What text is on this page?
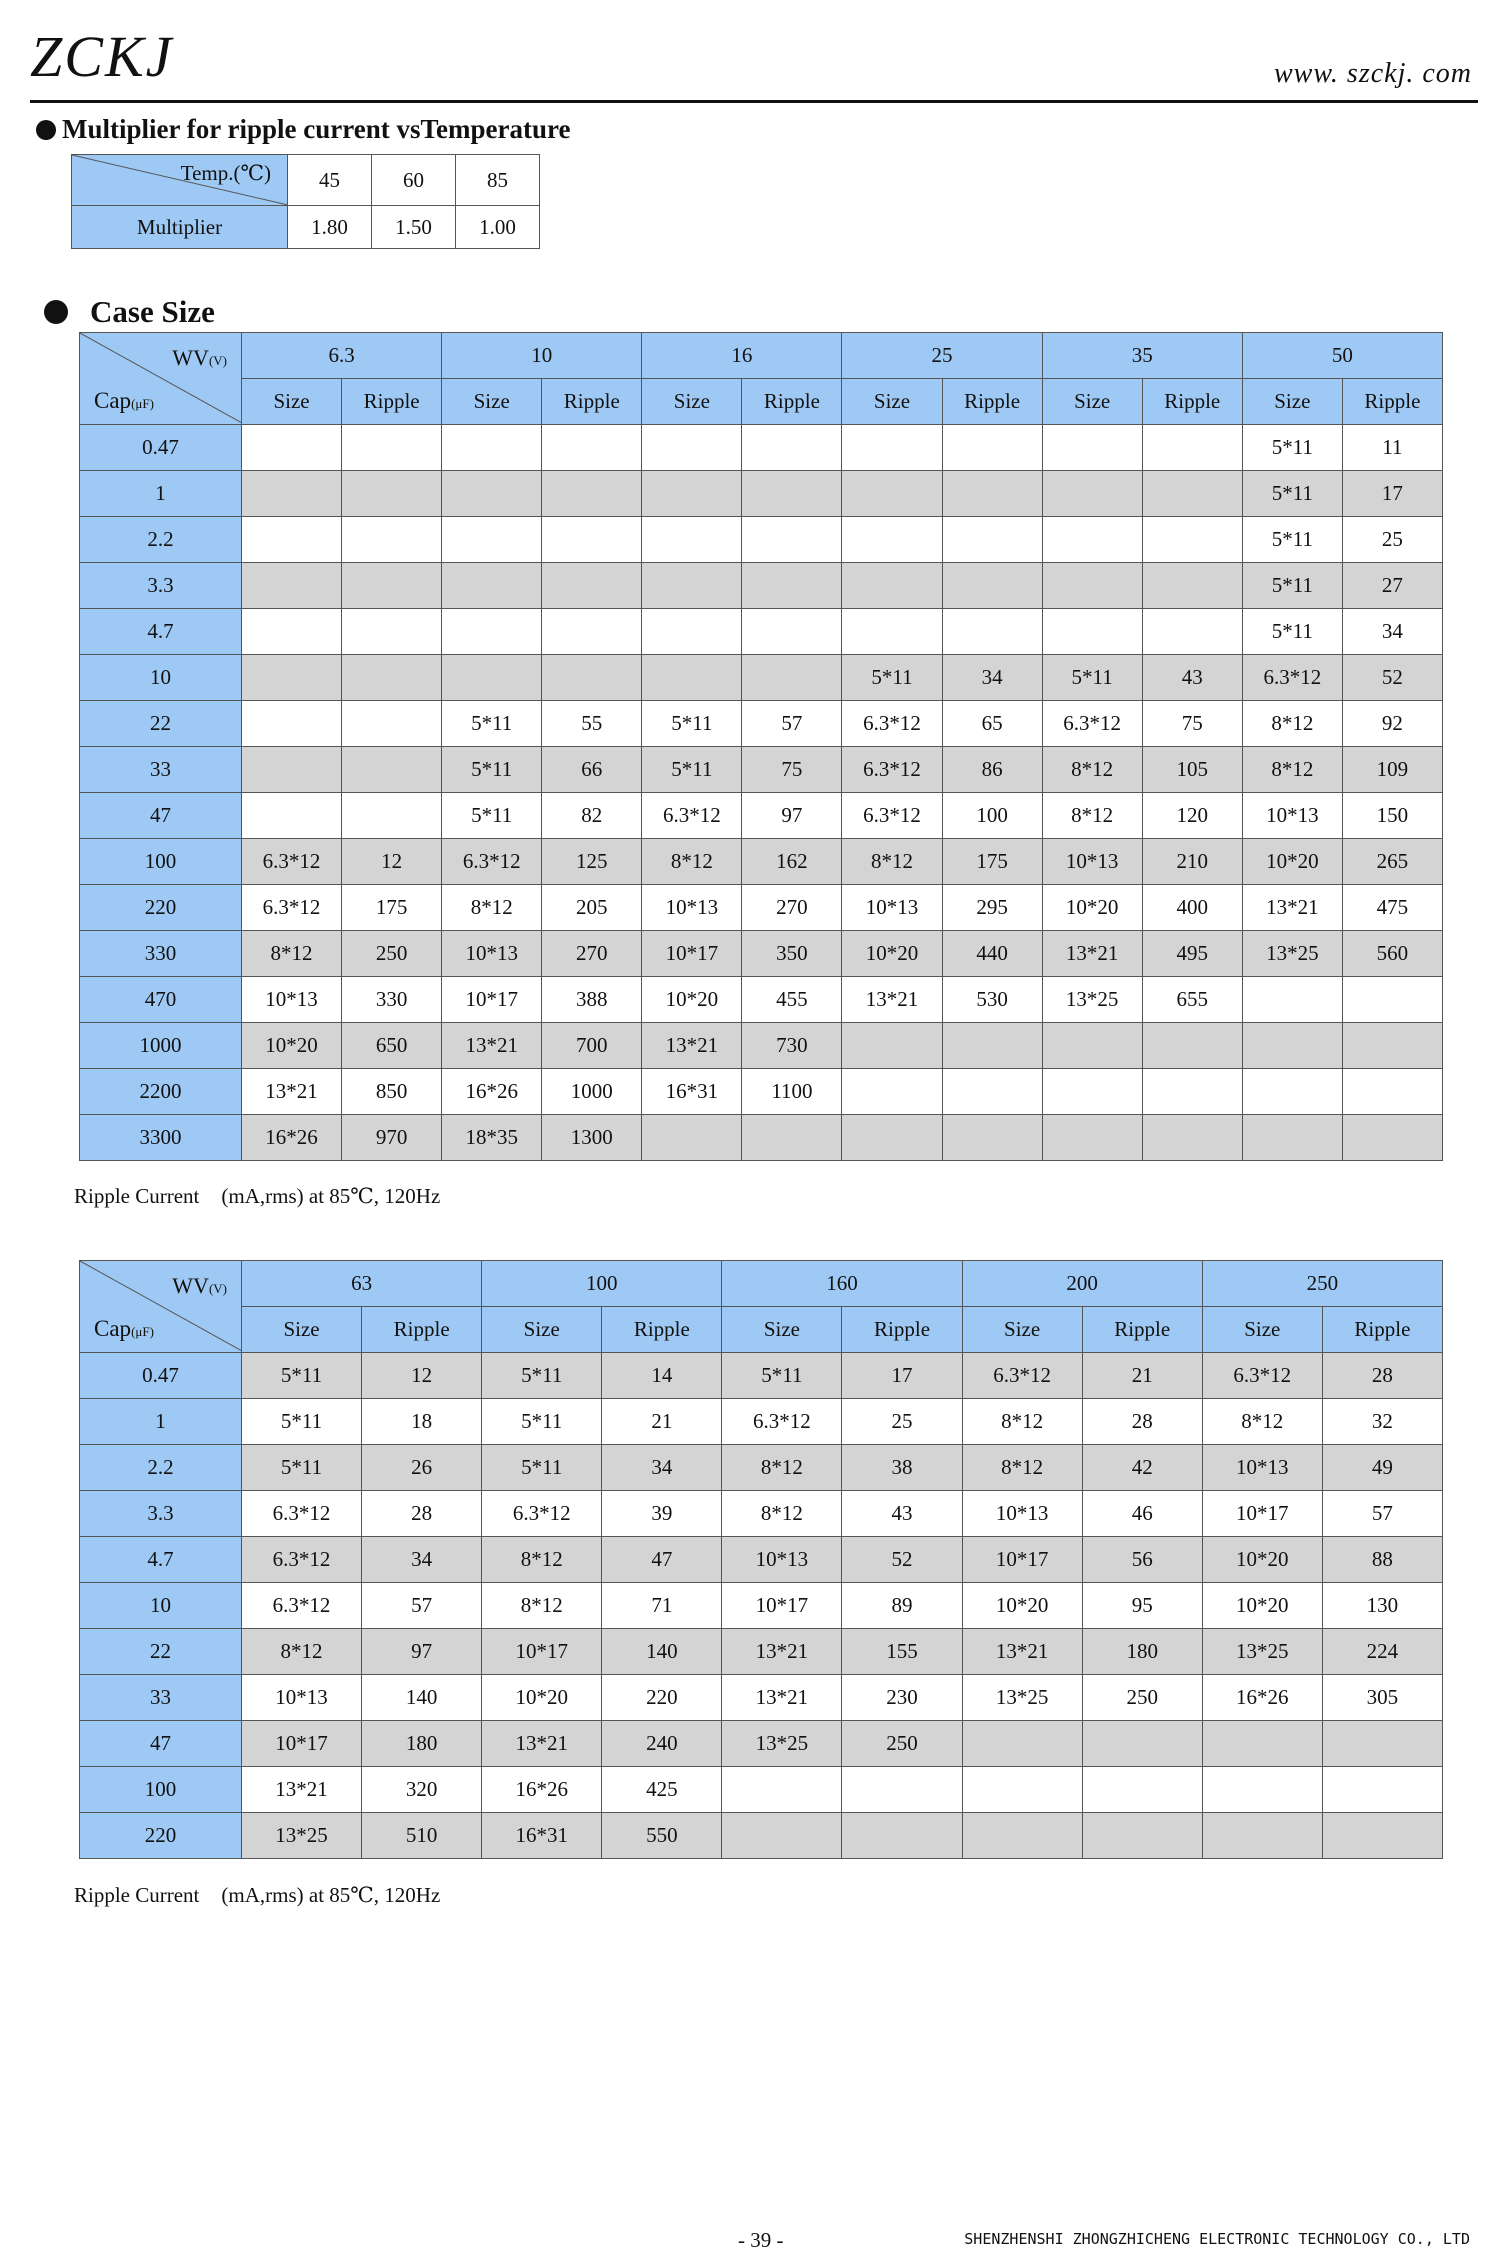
ZCKJ	www. szckj. com
Multiplier for ripple current vsTemperature
Temp.(℃)	45	60	85
Multiplier	1.80	1.50	1.00
Case Size
WV(V)
Cap(μF)	6.3		10		16		25		35		50	
	Size	Ripple	Size	Ripple	Size	Ripple	Size	Ripple	Size	Ripple	Size	Ripple
0.47											5*11	11
1											5*11	17
2.2											5*11	25
3.3											5*11	27
4.7											5*11	34
10							5*11	34	5*11	43	6.3*12	52
22			5*11	55	5*11	57	6.3*12	65	6.3*12	75	8*12	92
33			5*11	66	5*11	75	6.3*12	86	8*12	105	8*12	109
47			5*11	82	6.3*12	97	6.3*12	100	8*12	120	10*13	150
100	6.3*12	12	6.3*12	125	8*12	162	8*12	175	10*13	210	10*20	265
220	6.3*12	175	8*12	205	10*13	270	10*13	295	10*20	400	13*21	475
330	8*12	250	10*13	270	10*17	350	10*20	440	13*21	495	13*25	560
470	10*13	330	10*17	388	10*20	455	13*21	530	13*25	655		
1000	10*20	650	13*21	700	13*21	730						
2200	13*21	850	16*26	1000	16*31	1100						
3300	16*26	970	18*35	1300								
Ripple Current (mA,rms) at 85℃, 120Hz
WV(V)
Cap(μF)	63		100		160		200		250	
	Size	Ripple	Size	Ripple	Size	Ripple	Size	Ripple	Size	Ripple
0.47	5*11	12	5*11	14	5*11	17	6.3*12	21	6.3*12	28
1	5*11	18	5*11	21	6.3*12	25	8*12	28	8*12	32
2.2	5*11	26	5*11	34	8*12	38	8*12	42	10*13	49
3.3	6.3*12	28	6.3*12	39	8*12	43	10*13	46	10*17	57
4.7	6.3*12	34	8*12	47	10*13	52	10*17	56	10*20	88
10	6.3*12	57	8*12	71	10*17	89	10*20	95	10*20	130
22	8*12	97	10*17	140	13*21	155	13*21	180	13*25	224
33	10*13	140	10*20	220	13*21	230	13*25	250	16*26	305
47	10*17	180	13*21	240	13*25	250				
100	13*21	320	16*26	425						
220	13*25	510	16*31	550						
Ripple Current (mA,rms) at 85℃, 120Hz
- 39 -	SHENZHENSHI ZHONGZHICHENG ELECTRONIC TECHNOLOGY CO., LTD
